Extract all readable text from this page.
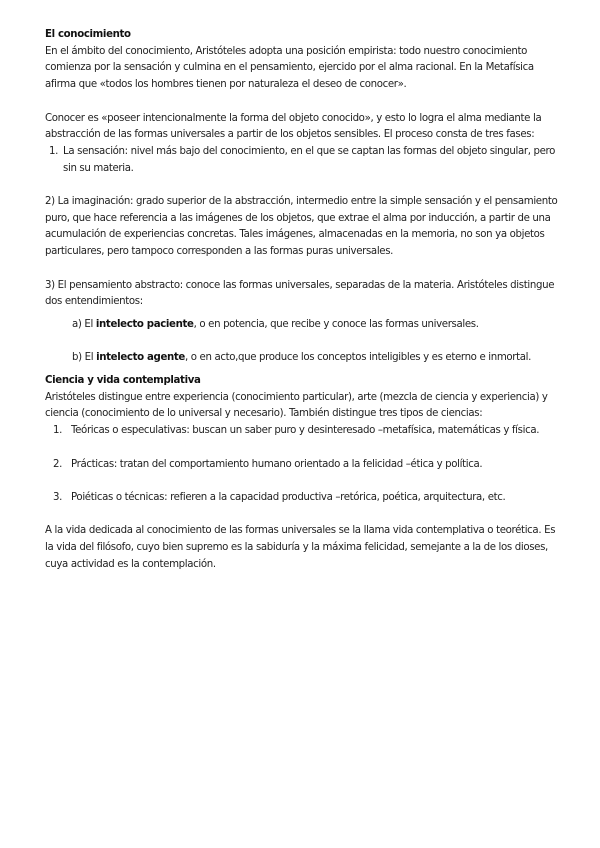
El conocimiento

En el ámbito del conocimiento, Aristóteles adopta una posición empirista: todo nuestro conocimiento comienza por la sensación y culmina en el pensamiento, ejercido por el alma racional. En la Metafísica afirma que «todos los hombres tienen por naturaleza el deseo de conocer».

Conocer es «poseer intencionalmente la forma del objeto conocido», y esto lo logra el alma mediante la abstracción de las formas universales a partir de los objetos sensibles. El proceso consta de tres fases:

1. La sensación: nivel más bajo del conocimiento, en el que se captan las formas del objeto singular, pero sin su materia.

2) La imaginación: grado superior de la abstracción, intermedio entre la simple sensación y el pensamiento puro, que hace referencia a las imágenes de los objetos, que extrae el alma por inducción, a partir de una acumulación de experiencias concretas. Tales imágenes, almacenadas en la memoria, no son ya objetos particulares, pero tampoco corresponden a las formas puras universales.

3) El pensamiento abstracto: conoce las formas universales, separadas de la materia. Aristóteles distingue dos entendimientos:

a) El intelecto paciente, o en potencia, que recibe y conoce las formas universales.

b) El intelecto agente, o en acto,que produce los conceptos inteligibles y es eterno e inmortal.

Ciencia y vida contemplativa

Aristóteles distingue entre experiencia (conocimiento particular), arte (mezcla de ciencia y experiencia) y ciencia (conocimiento de lo universal y necesario). También distingue tres tipos de ciencias:

1. Teóricas o especulativas: buscan un saber puro y desinteresado –metafísica, matemáticas y física.
2. Prácticas: tratan del comportamiento humano orientado a la felicidad –ética y política.
3. Poiéticas o técnicas: refieren a la capacidad productiva –retórica, poética, arquitectura, etc.

A la vida dedicada al conocimiento de las formas universales se la llama vida contemplativa o teorética. Es la vida del filósofo, cuyo bien supremo es la sabiduría y la máxima felicidad, semejante a la de los dioses, cuya actividad es la contemplación.
